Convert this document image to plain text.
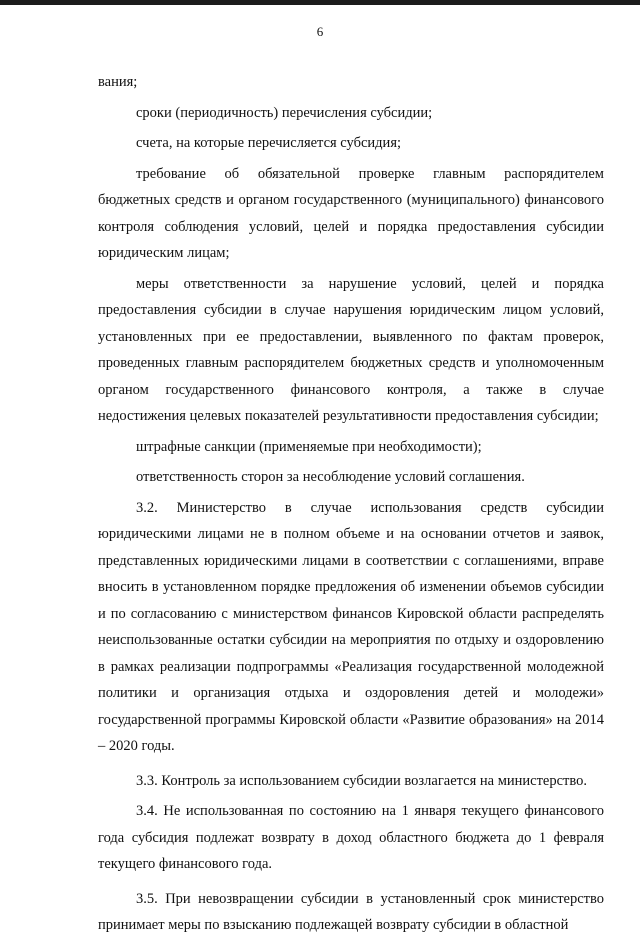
6

вания;

сроки (периодичность) перечисления субсидии;

счета, на которые перечисляется субсидия;

требование об обязательной проверке главным распорядителем бюджетных средств и органом государственного (муниципального) финансового контроля соблюдения условий, целей и порядка предоставления субсидии юридическим лицам;

меры ответственности за нарушение условий, целей и порядка предоставления субсидии в случае нарушения юридическим лицом условий, установленных при ее предоставлении, выявленного по фактам проверок, проведенных главным распорядителем бюджетных средств и уполномоченным органом государственного финансового контроля, а также в случае недостижения целевых показателей результативности предоставления субсидии;

штрафные санкции (применяемые при необходимости);

ответственность сторон за несоблюдение условий соглашения.

3.2. Министерство в случае использования средств субсидии юридическими лицами не в полном объеме и на основании отчетов и заявок, представленных юридическими лицами в соответствии с соглашениями, вправе вносить в установленном порядке предложения об изменении объемов субсидии и по согласованию с министерством финансов Кировской области распределять неиспользованные остатки субсидии на мероприятия по отдыху и оздоровлению в рамках реализации подпрограммы «Реализация государственной молодежной политики и организация отдыха и оздоровления детей и молодежи» государственной программы Кировской области «Развитие образования» на 2014 – 2020 годы.

3.3. Контроль за использованием субсидии возлагается на министерство.

3.4. Не использованная по состоянию на 1 января текущего финансового года субсидия подлежат возврату в доход областного бюджета до 1 февраля текущего финансового года.

3.5. При невозвращении субсидии в установленный срок министерство принимает меры по взысканию подлежащей возврату субсидии в областной
